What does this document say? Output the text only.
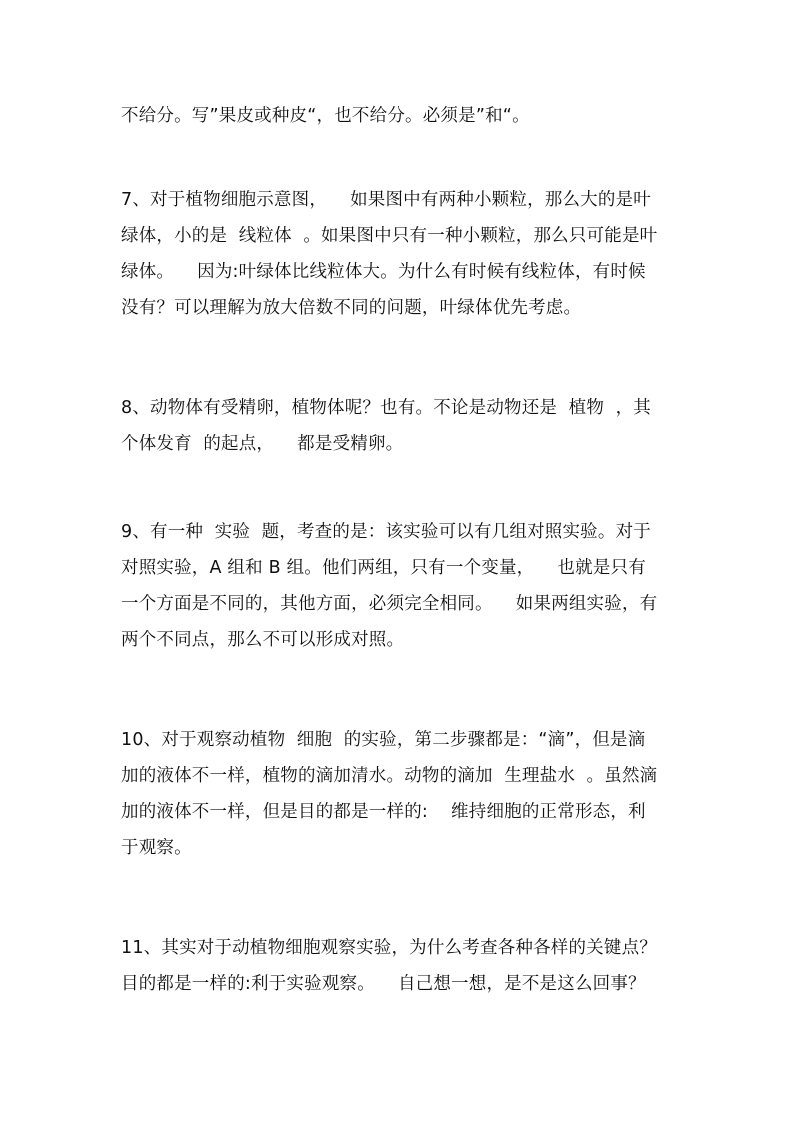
不给分。写”果皮或种皮“，也不给分。必须是”和“。
7、对于植物细胞示意图，    如果图中有两种小颗粒，那么大的是叶
绿体，小的是  线粒体  。如果图中只有一种小颗粒，那么只可能是叶
绿体。    因为:叶绿体比线粒体大。为什么有时候有线粒体，有时候
没有？可以理解为放大倍数不同的问题，叶绿体优先考虑。
8、动物体有受精卵，植物体呢？也有。不论是动物还是  植物  ，其
个体发育  的起点，    都是受精卵。
9、有一种  实验  题，考查的是：该实验可以有几组对照实验。对于
对照实验，A 组和 B 组。他们两组，只有一个变量，    也就是只有
一个方面是不同的，其他方面，必须完全相同。    如果两组实验，有
两个不同点，那么不可以形成对照。
10、对于观察动植物  细胞  的实验，第二步骤都是：“滴”，但是滴
加的液体不一样，植物的滴加清水。动物的滴加  生理盐水  。虽然滴
加的液体不一样，但是目的都是一样的:    维持细胞的正常形态，利
于观察。
11、其实对于动植物细胞观察实验，为什么考查各种各样的关键点？
目的都是一样的:利于实验观察。    自己想一想，是不是这么回事？
